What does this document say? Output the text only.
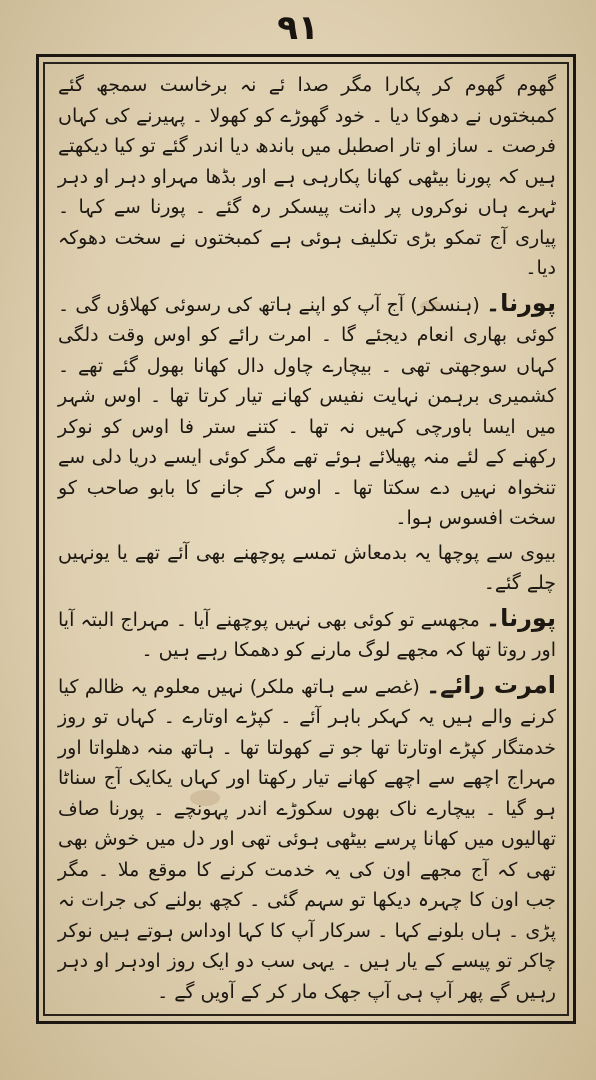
۹۱

گھوم گھوم کر پکارا مگر صدا ئے نہ برخاست سمجھ گئے کمبختوں نے دھوکا دیا ۔ خود گھوڑے کو کھولا ۔ پہیرنے کی کہاں فرصت ۔ ساز او تار اصطبل میں باندھ دیا اندر گئے تو کیا دیکھتے ہیں کہ پورنا بیٹھی کھانا پکارہی ہے اور بڈھا مہراو دہر او دہر ٹہرے ہاں نوکروں پر دانت پیسکر رہ گئے ۔ پورنا سے کہا ۔ پیاری آج تمکو بڑی تکلیف ہوئی ہے کمبختوں نے سخت دھوکہ دیا۔

پورنا۔ (ہنسکر) آج آپ کو اپنے ہاتھ کی رسوئی کھلاؤں گی ۔ کوئی بھاری انعام دیجئے گا ۔ امرت رائے کو اوس وقت دلگی کہاں سوجھتی تھی ۔ بیچارے چاول دال کھانا بھول گئے تھے ۔ کشمیری برہمن نہایت نفیس کھانے تیار کرتا تھا ۔ اوس شہر میں ایسا باورچی کہیں نہ تھا ۔ کتنے ستر فا اوس کو نوکر رکھنے کے لئے منہ پھیلائے ہوئے تھے مگر کوئی ایسے دریا دلی سے تنخواہ نہیں دے سکتا تھا ۔ اوس کے جانے کا بابو صاحب کو سخت افسوس ہوا۔

بیوی سے پوچھا یہ بدمعاش تمسے پوچھنے بھی آئے تھے یا یونہیں چلے گئے۔

پورنا۔ مجھسے تو کوئی بھی نہیں پوچھنے آیا ۔ مہراج البتہ آیا اور روتا تھا کہ مجھے لوگ مارنے کو دھمکا رہے ہیں ۔

امرت رائے۔ (غصے سے ہاتھ ملکر) نہیں معلوم یہ ظالم کیا کرنے والے ہیں یہ کہکر باہر آئے ۔ کپڑے اوتارے ۔ کہاں تو روز خدمتگار کپڑے اوتارتا تھا جو تے کھولتا تھا ۔ ہاتھ منہ دھلواتا اور مہراج اچھے سے اچھے کھانے تیار رکھتا اور کہاں یکایک آج سناٹا ہو گیا ۔ بیچارے ناک بھوں سکوڑے اندر پہونچے ۔ پورنا صاف تھالیوں میں کھانا پرسے بیٹھی ہوئی تھی اور دل میں خوش بھی تھی کہ آج مجھے اون کی یہ خدمت کرنے کا موقع ملا ۔ مگر جب اون کا چہرہ دیکھا تو سہم گئی ۔ کچھ بولنے کی جرات نہ پڑی ۔ ہاں بلونے کہا ۔ سرکار آپ کا کہا اوداس ہوتے ہیں نوکر چاکر تو پیسے کے یار ہیں ۔ یہی سب دو ایک روز اودہر او دہر رہیں گے پھر آپ ہی آپ جھک مار کر کے آویں گے ۔
